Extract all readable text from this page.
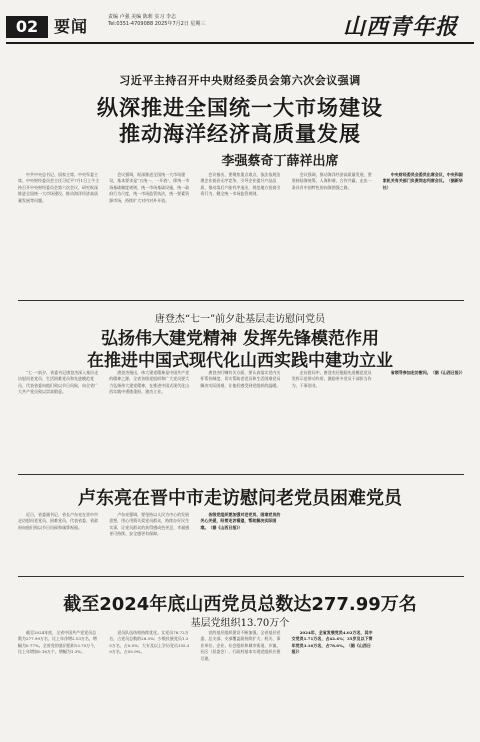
02 要闻	责编 卢强 美编 陈莉 实习 李志
Tel:0351-4709088 2025年7月2日 星期三	山西青年报
习近平主持召开中央财经委员会第六次会议强调
纵深推进全国统一大市场建设
推动海洋经济高质量发展
李强蔡奇丁薛祥出席

中共中央总书记、国家主席、中央军委主席、中央财经委员会主任习近平7月1日上午主持召开中央财经委员会第六次会议，研究纵深推进全国统一大市场建设、推动海洋经济高质量发展等问题。

会议强调，纵深推进全国统一大市场建设，基本要求是“五统一、一开放”，即统一市场基础制度规则，统一市场基础设施，统一政府行为尺度，统一市场监管执法，统一要素资源市场，持续扩大对内对外开放。

会议指出，要聚焦重点难点，依法依规治理企业低价无序竞争，引导企业提升产品品质，推动落后产能有序退出，规范地方招商引资行为，健全统一市场监管规则。

会议强调，推动海洋经济高质量发展，要坚持陆海统筹、人海和谐、合作共赢，走出一条具有中国特色的向海图强之路。

中央财经委员会委员出席会议，中央和国家机关有关部门负责同志列席会议。（据新华社）

唐登杰“七一”前夕赴基层走访慰问党员
弘扬伟大建党精神 发挥先锋模范作用
在推进中国式现代化山西实践中建功立业

“七一”前夕，省委书记唐登杰深入基层走访慰问老党员、生活困难党员和先进模范党员，代表省委向他们致以节日问候，向全省广大共产党员致以崇高敬意。

唐登杰指出，伟大建党精神是中国共产党的精神之源，全省各级党组织和广大党员要大力弘扬伟大建党精神，在推进中国式现代化山西实践中勇挑重担、建功立业。

唐登杰叮嘱有关方面，要认真落实党内关怀帮扶制度，切实帮助老党员和生活困难党员解决实际困难，让他们感受到党组织的温暖。

走访慰问中，唐登杰还勉励先进模范党员发挥示范带动作用，激励更多党员干部担当作为、干事创业。

省领导参加走访慰问。（据《山西日报》）

卢东亮在晋中市走访慰问老党员困难党员

近日，省委副书记、省长卢东亮在晋中市走访慰问老党员、困难党员，代表省委、省政府向他们致以节日问候和诚挚祝福。

卢东亮强调，要坚持以人民为中心的发展思想，用心用情关爱党员群众，持续办好民生实事，让党员群众的获得感成色更足、幸福感更可持续、安全感更有保障。

各级党组织要加强对老党员、困难党员的关心关爱，经常走访看望，帮助解决实际困难。（据《山西日报》）

截至2024年底山西党员总数达277.99万名
基层党组织13.70万个

截至2024年底，全省中国共产党党员总数为277.99万名，比上年净增2.13万名，增幅为0.77%。全省党的基层组织13.70万个，比上年增加0.18万个，增幅为1.3%。

党员队伍结构持续优化。女党员78.72万名，占党员总数的28.3%；少数民族党员1.35万名，占0.5%；大专及以上学历党员155.39万名，占55.9%。

党的基层组织建设不断加强。全省基层党委、总支部、支部覆盖面持续扩大，机关、事业单位、企业、社会组织和城市街道、乡镇、社区（居委会）、行政村基本实现党组织应建尽建。

2024年，全省发展党员4.02万名，其中女党员1.71万名，占42.4%；35岁及以下青年党员3.16万名，占78.6%。（据《山西日报》）
